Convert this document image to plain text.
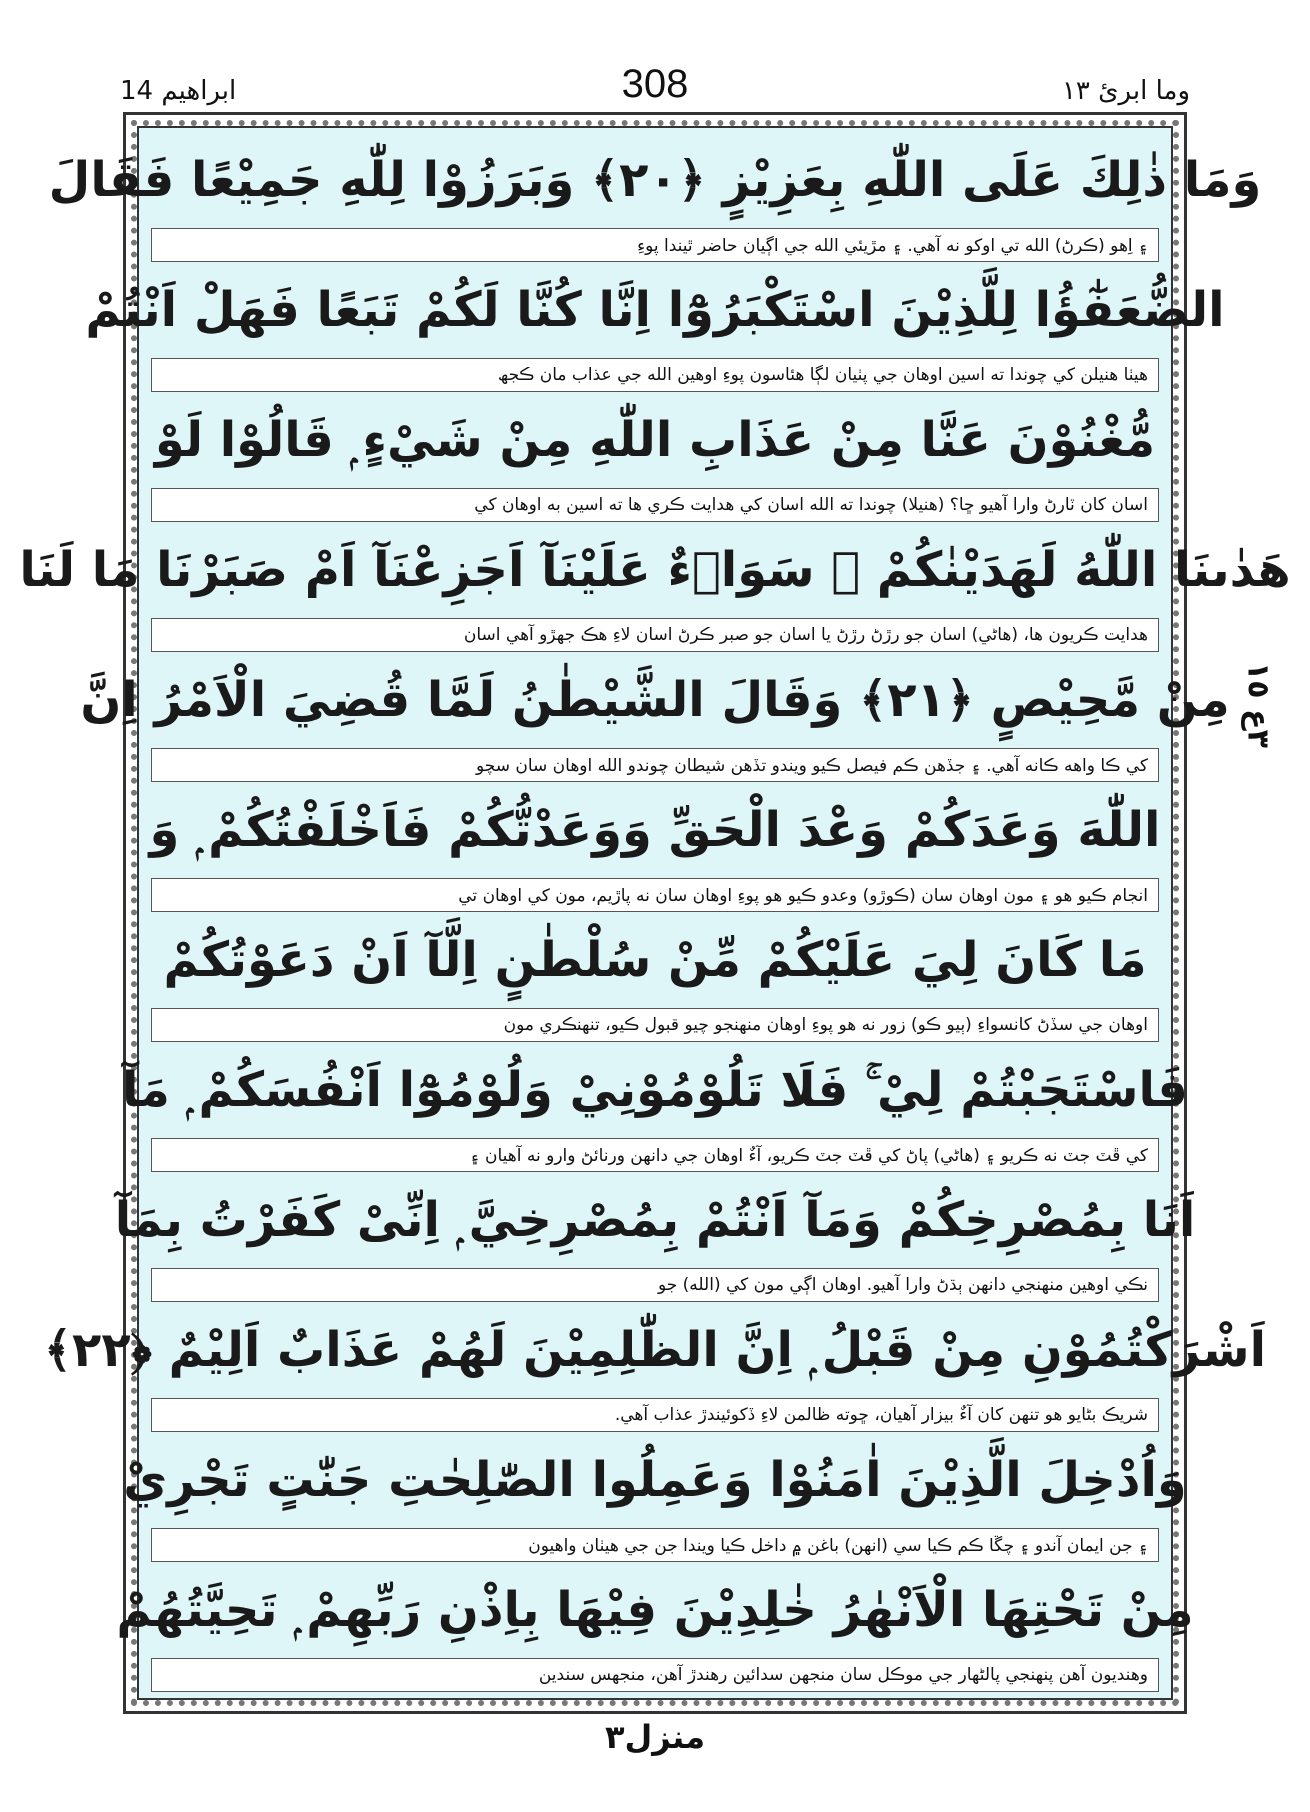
ابراهيم 14	308	وما ابرئ ١٣
وَمَا ذٰلِكَ عَلَى اللّٰهِ بِعَزِيْزٍ ﴿٢٠﴾ وَبَرَزُوْا لِلّٰهِ جَمِيْعًا فَقَالَ
۽ اِهو (ڪرڻ) الله تي اوکو نه آهي. ۽ مڙيئي الله جي اڳيان حاضر ٿيندا پوءِ
الضُّعَفٰٓؤُا لِلَّذِيْنَ اسْتَكْبَرُوْٓا اِنَّا كُنَّا لَكُمْ تَبَعًا فَهَلْ اَنْتُمْ
هيٺا هنيلن کي چوندا ته اسين اوهان جي پٺيان لڳا هئاسون پوءِ اوهين الله جي عذاب مان ڪجھ
مُّغْنُوْنَ عَنَّا مِنْ عَذَابِ اللّٰهِ مِنْ شَيْءٍ ۭ قَالُوْا لَوْ
اسان کان ٽارڻ وارا آهيو ڇا؟ (هنيلا) چوندا ته الله اسان کي هدايت ڪري ها ته اسين به اوهان کي
هَدٰىنَا اللّٰهُ لَهَدَيْنٰكُمْ ۭ سَوَاۗءٌ عَلَيْنَآ اَجَزِعْنَآ اَمْ صَبَرْنَا مَا لَنَا
هدايت ڪريون ها، (هاڻي) اسان جو رڙڻ رڙڻ يا اسان جو صبر ڪرڻ اسان لاءِ هڪ جهڙو آهي اسان
مِنْ مَّحِيْصٍ ﴿٢١﴾ وَقَالَ الشَّيْطٰنُ لَمَّا قُضِيَ الْاَمْرُ اِنَّ
کي ڪا واهه ڪانه آهي. ۽ جڏهن ڪم فيصل ڪيو ويندو تڏهن شيطان چوندو الله اوهان سان سچو
اللّٰهَ وَعَدَكُمْ وَعْدَ الْحَقِّ وَوَعَدْتُّكُمْ فَاَخْلَفْتُكُمْ ۭ وَ
انجام ڪيو هو ۽ مون اوهان سان (ڪوڙو) وعدو ڪيو هو پوءِ اوهان سان نه پاڙيم، مون کي اوهان تي
مَا كَانَ لِيَ عَلَيْكُمْ مِّنْ سُلْطٰنٍ اِلَّآ اَنْ دَعَوْتُكُمْ
اوهان جي سڏڻ کانسواءِ (ٻيو ڪو) زور نه هو پوءِ اوهان منهنجو چيو قبول ڪيو، تنهنڪري مون
فَاسْتَجَبْتُمْ لِيْ ۚ فَلَا تَلُوْمُوْنِيْ وَلُوْمُوْٓا اَنْفُسَكُمْ ۭ مَآ
کي ڦٽ جٽ نه ڪريو ۽ (هاڻي) پاڻ کي ڦٽ جٽ ڪريو، آءٌ اوهان جي دانهن ورنائڻ وارو نه آهيان ۽
اَنَا بِمُصْرِخِكُمْ وَمَآ اَنْتُمْ بِمُصْرِخِيَّ ۭ اِنِّىْ كَفَرْتُ بِمَآ
نڪي اوهين منهنجي دانهن ٻڌڻ وارا آهيو. اوهان اڳي مون کي (الله) جو
اَشْرَكْتُمُوْنِ مِنْ قَبْلُ ۭ اِنَّ الظّٰلِمِيْنَ لَهُمْ عَذَابٌ اَلِيْمٌ ﴿٢٢﴾
شريڪ بڻايو هو تنهن کان آءٌ بيزار آهيان، ڇوته ظالمن لاءِ ڏکوئيندڙ عذاب آهي.
وَاُدْخِلَ الَّذِيْنَ اٰمَنُوْا وَعَمِلُوا الصّٰلِحٰتِ جَنّٰتٍ تَجْرِيْ
۽ جن ايمان آندو ۽ چڱا ڪم ڪيا سي (انهن) باغن ۾ داخل ڪيا ويندا جن جي هيٺان واهيون
مِنْ تَحْتِهَا الْاَنْهٰرُ خٰلِدِيْنَ فِيْهَا بِاِذْنِ رَبِّهِمْ ۭ تَحِيَّتُهُمْ
وهنديون آهن پنهنجي پالڻهار جي موڪل سان منجهن سدائين رهندڙ آهن، منجهس سندين
٣ع ١٥
منزل٣
